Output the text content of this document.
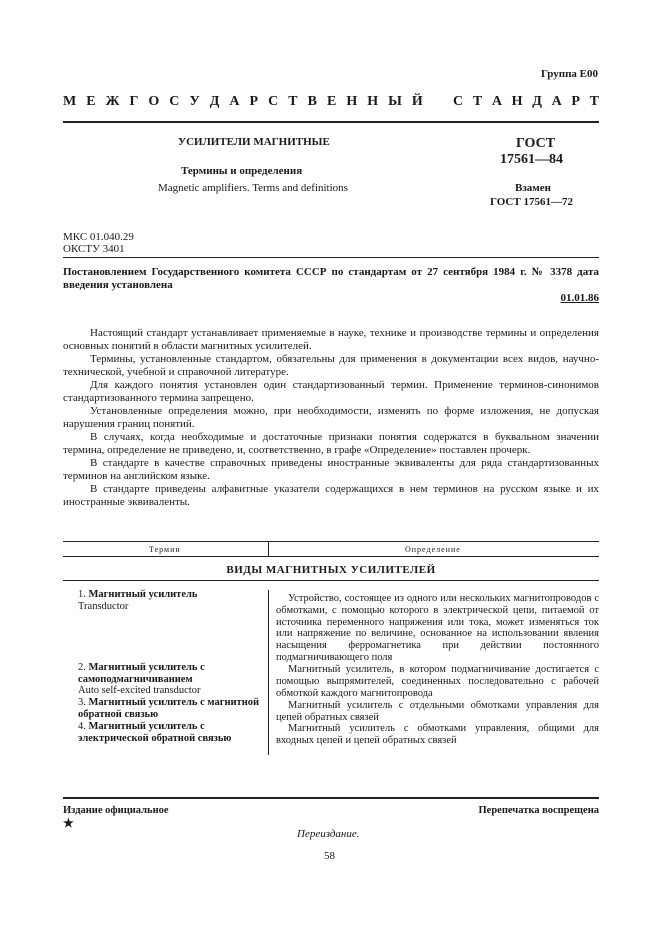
Группа Е00
М Е Ж Г О С У Д А Р С Т В Е Н Н Ы Й С Т А Н Д А Р Т
УСИЛИТЕЛИ МАГНИТНЫЕ
Термины и определения
Magnetic amplifiers. Terms and definitions
ГОСТ
17561—84
Взамен
ГОСТ 17561—72
МКС 01.040.29
ОКСТУ 3401
Постановлением Государственного комитета СССР по стандартам от 27 сентября 1984 г. № 3378 дата введения установлена
01.01.86

Настоящий стандарт устанавливает применяемые в науке, технике и производстве термины и определения основных понятий в области магнитных усилителей.

Термины, установленные стандартом, обязательны для применения в документации всех видов, научно-технической, учебной и справочной литературе.

Для каждого понятия установлен один стандартизованный термин. Применение терминов-синонимов стандартизованного термина запрещено.

Установленные определения можно, при необходимости, изменять по форме изложения, не допуская нарушения границ понятий.

В случаях, когда необходимые и достаточные признаки понятия содержатся в буквальном значении термина, определение не приведено, и, соответственно, в графе «Определение» поставлен прочерк.

В стандарте в качестве справочных приведены иностранные эквиваленты для ряда стандартизованных терминов на английском языке.

В стандарте приведены алфавитные указатели содержащихся в нем терминов на русском языке и их иностранные эквиваленты.

Термин	Определение
ВИДЫ МАГНИТНЫХ УСИЛИТЕЛЕЙ
1. Магнитный усилитель
Transductor
2. Магнитный усилитель с самоподмагничиванием
Auto self-excited transductor
3. Магнитный усилитель с магнитной обратной связью
4. Магнитный усилитель с электрической обратной связью
Устройство, состоящее из одного или нескольких магнитопроводов с обмотками, с помощью которого в электрической цепи, питаемой от источника переменного напряжения или тока, может изменяться ток или напряжение по величине, основанное на использовании явления насыщения ферромагнетика при действии постоянного подмагничивающего поля
Магнитный усилитель, в котором подмагничивание достигается с помощью выпрямителей, соединенных последовательно с рабочей обмоткой каждого магнитопровода
Магнитный усилитель с отдельными обмотками управления для цепей обратных связей
Магнитный усилитель с обмотками управления, общими для входных цепей и цепей обратных связей
Издание официальное
★
Перепечатка воспрещена
Переиздание.
58
